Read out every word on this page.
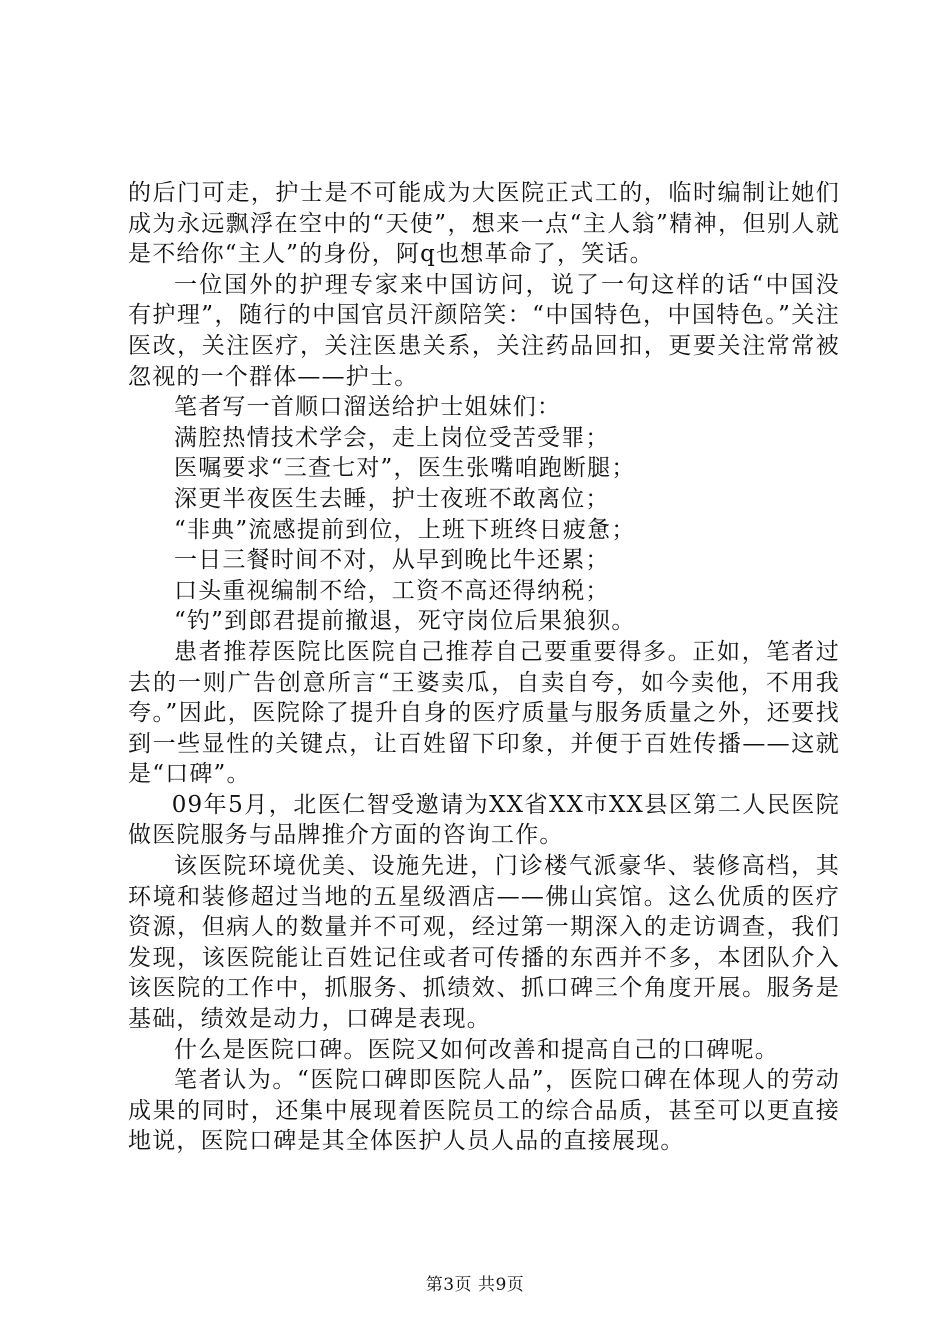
的后门可走，护士是不可能成为大医院正式工的，临时编制让她们成为永远飘浮在空中的“天使”，想来一点“主人翁”精神，但别人就是不给你“主人”的身份，阿q也想革命了，笑话。

一位国外的护理专家来中国访问，说了一句这样的话“中国没有护理”，随行的中国官员汗颜陪笑：“中国特色，中国特色。”关注医改，关注医疗，关注医患关系，关注药品回扣，更要关注常常被忽视的一个群体——护士。

笔者写一首顺口溜送给护士姐妹们：

满腔热情技术学会，走上岗位受苦受罪；

医嘱要求“三查七对”，医生张嘴咱跑断腿；

深更半夜医生去睡，护士夜班不敢离位；

“非典”流感提前到位，上班下班终日疲惫；

一日三餐时间不对，从早到晚比牛还累；

口头重视编制不给，工资不高还得纳税；

“钓”到郎君提前撤退，死守岗位后果狼狈。

患者推荐医院比医院自己推荐自己要重要得多。正如，笔者过去的一则广告创意所言“王婆卖瓜，自卖自夸，如今卖他，不用我夸。”因此，医院除了提升自身的医疗质量与服务质量之外，还要找到一些显性的关键点，让百姓留下印象，并便于百姓传播——这就是“口碑”。

09年5月，北医仁智受邀请为XX省XX市XX县区第二人民医院做医院服务与品牌推介方面的咨询工作。

该医院环境优美、设施先进，门诊楼气派豪华、装修高档，其环境和装修超过当地的五星级酒店——佛山宾馆。这么优质的医疗资源，但病人的数量并不可观，经过第一期深入的走访调查，我们发现，该医院能让百姓记住或者可传播的东西并不多，本团队介入该医院的工作中，抓服务、抓绩效、抓口碑三个角度开展。服务是基础，绩效是动力，口碑是表现。

什么是医院口碑。医院又如何改善和提高自己的口碑呢。

笔者认为。“医院口碑即医院人品”，医院口碑在体现人的劳动成果的同时，还集中展现着医院员工的综合品质，甚至可以更直接地说，医院口碑是其全体医护人员人品的直接展现。

第3页 共9页
